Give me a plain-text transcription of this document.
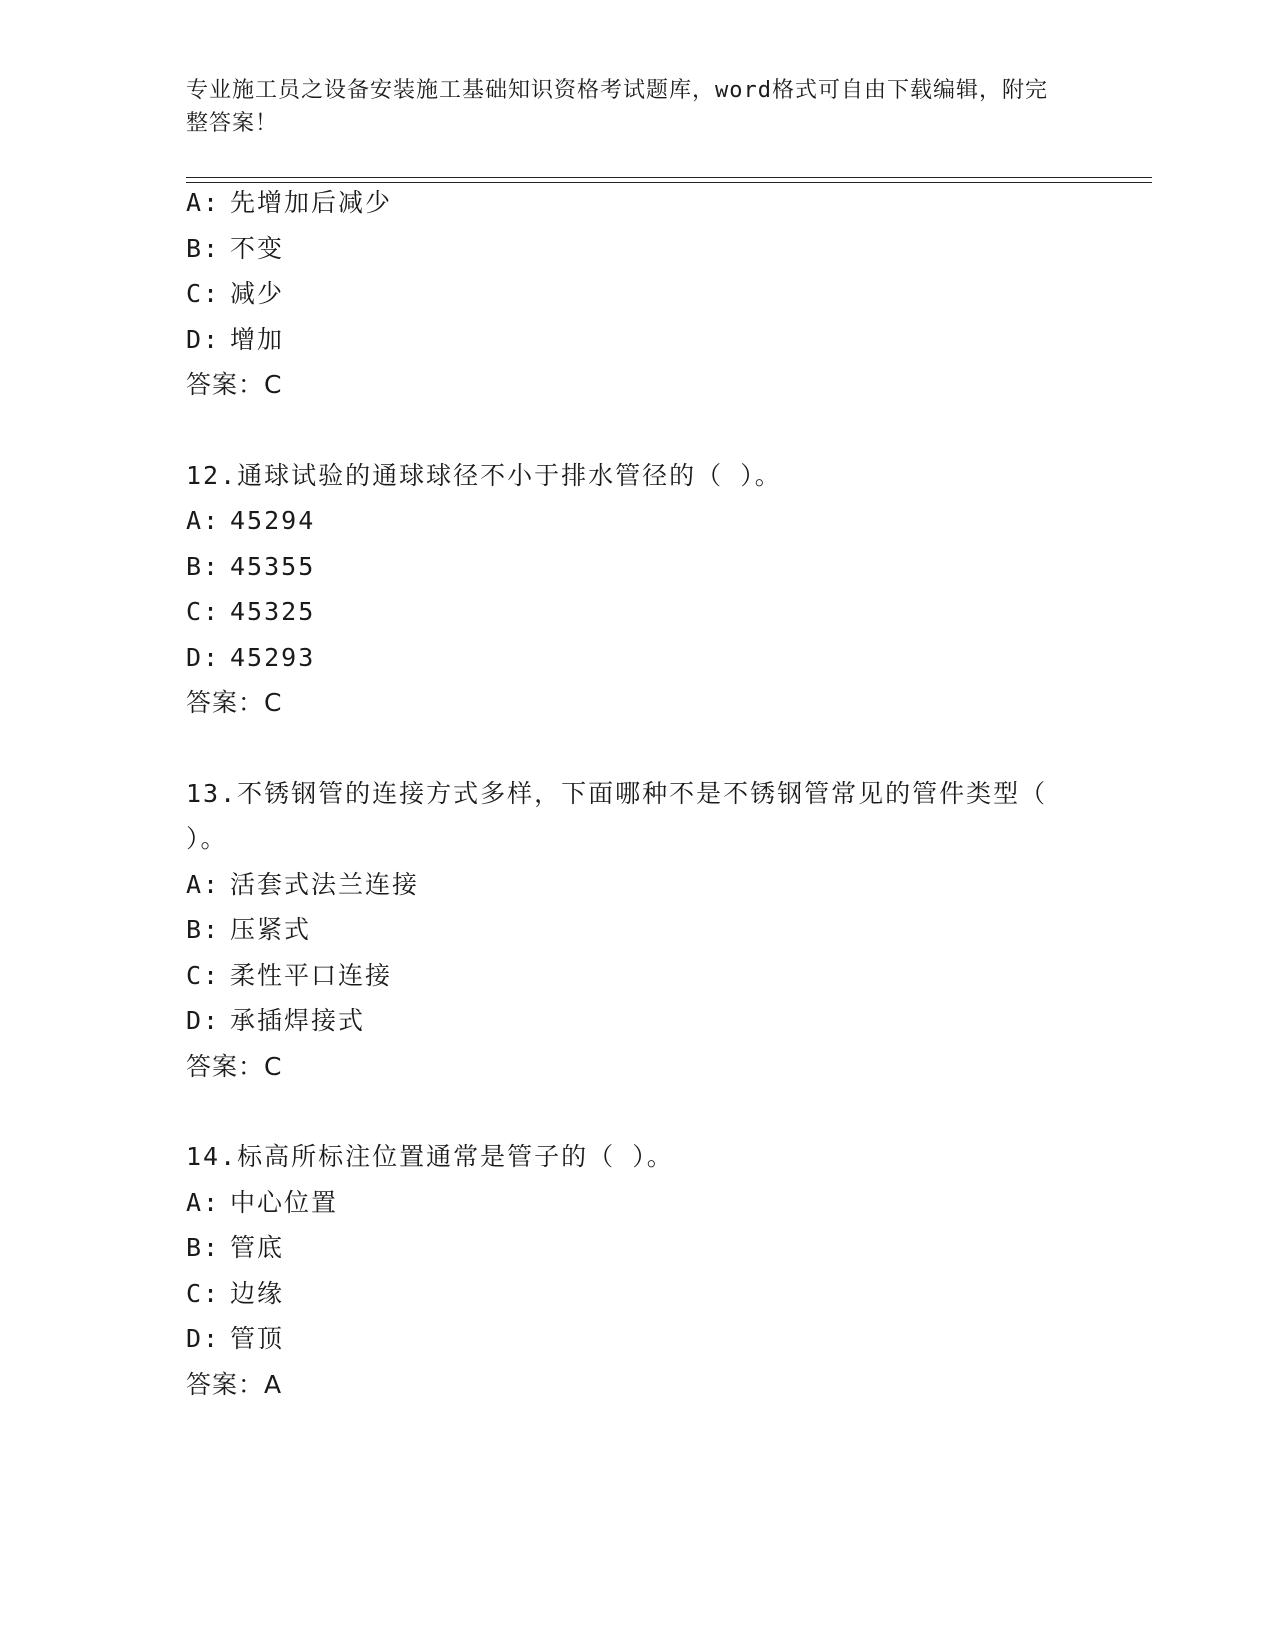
专业施工员之设备安装施工基础知识资格考试题库，word格式可自由下载编辑，附完整答案！
A: 先增加后减少
B: 不变
C: 减少
D: 增加
答案：C
12.通球试验的通球球径不小于排水管径的（ ）。
A: 45294
B: 45355
C: 45325
D: 45293
答案：C
13.不锈钢管的连接方式多样，下面哪种不是不锈钢管常见的管件类型（ ）。
A: 活套式法兰连接
B: 压紧式
C: 柔性平口连接
D: 承插焊接式
答案：C
14.标高所标注位置通常是管子的（ ）。
A: 中心位置
B: 管底
C: 边缘
D: 管顶
答案：A
